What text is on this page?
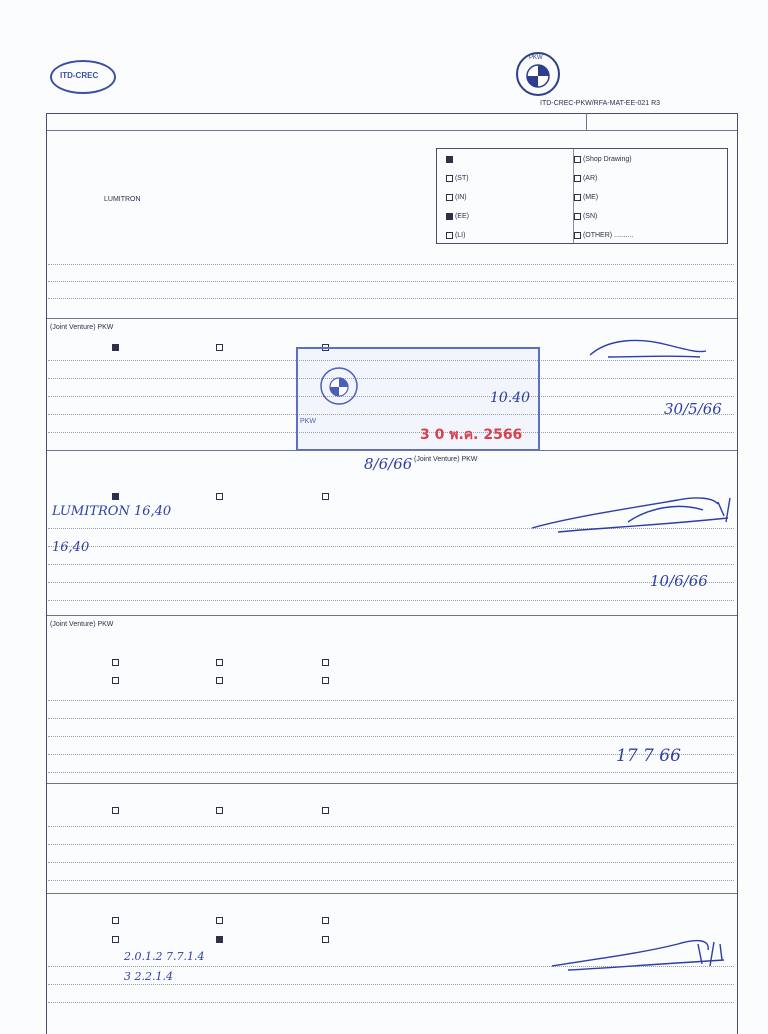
ITD-CREC
PKW
ITD-CREC-PKW/RFA-MAT-EE-021 R3
LUMITRON
(Shop Drawing)
(ST)	(AR)
(IN)	(ME)
(EE)	(SN)
(LI)	(OTHER) ..........
(Joint Venture) PKW
30/5/66
PKW
10.40
3 0 พ.ค. 2566
(Joint Venture) PKW
8/6/66
LUMITRON 16,40
16,40
10/6/66
(Joint Venture) PKW
17 7 66
2.0.1.2 7.7.1.4
3 2.2.1.4
